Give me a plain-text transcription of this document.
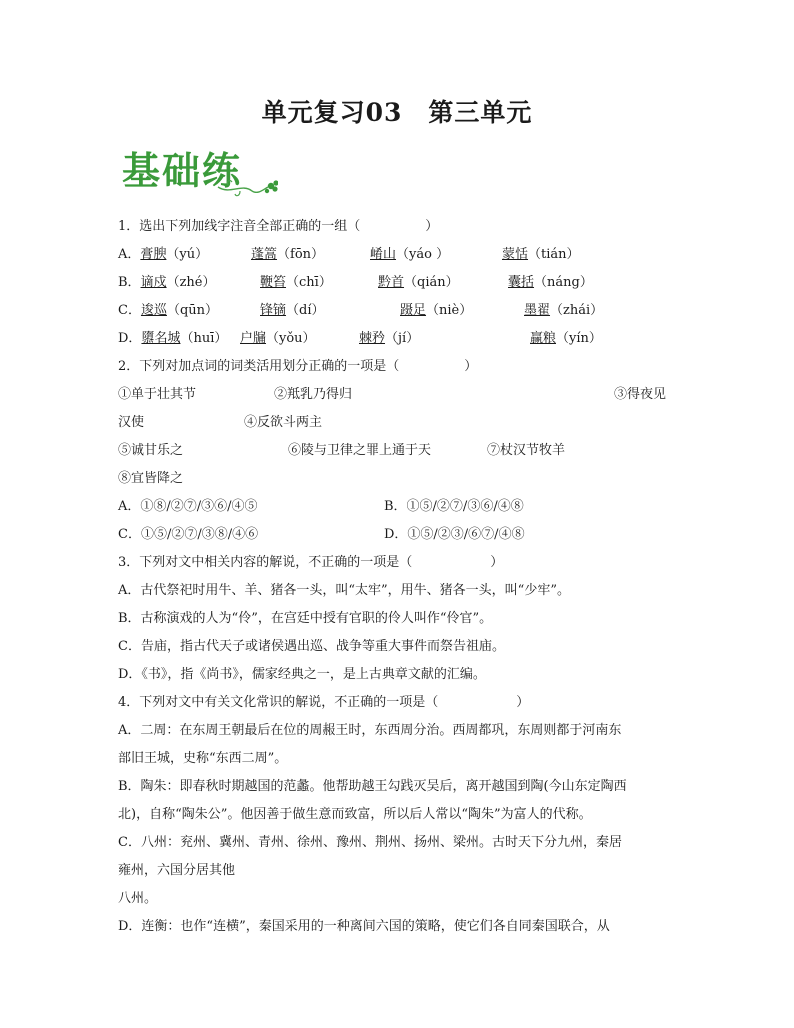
单元复习03　第三单元
基础练
1．选出下列加线字注音全部正确的一组（　　　　　）
A．膏腴（yú）	蓬篙（fōn）	崤山（yáo ）	蒙恬（tián）
B．谪戍（zhé）	鞭笞（chī）	黔首（qián）	囊括（náng）
C．逡巡（qūn）	锋镝（dí）	蹑足（niè）	墨翟（zhái）
D．隳名城（huī） 户牖（yǒu）	棘矜（jí）	赢粮（yín）
2．下列对加点词的词类活用划分正确的一项是（　　　　　）
①单于壮其节	②羝乳乃得归	③得夜见
汉使	④反欲斗两主
⑤诚甘乐之	⑥陵与卫律之罪上通于天	⑦杖汉节牧羊
⑧宜皆降之
A．①⑧/②⑦/③⑥/④⑤	B．①⑤/②⑦/③⑥/④⑧
C．①⑤/②⑦/③⑧/④⑥	D．①⑤/②③/⑥⑦/④⑧
3．下列对文中相关内容的解说，不正确的一项是（　　　　　　）
A．古代祭祀时用牛、羊、猪各一头，叫“太牢”，用牛、猪各一头，叫“少牢”。
B．古称演戏的人为“伶”，在宫廷中授有官职的伶人叫作“伶官”。
C．告庙，指古代天子或诸侯遇出巡、战争等重大事件而祭告祖庙。
D．《书》，指《尚书》，儒家经典之一，是上古典章文献的汇编。
4．下列对文中有关文化常识的解说，不正确的一项是（　　　　　　）
A．二周：在东周王朝最后在位的周赧王时，东西周分治。西周都巩，东周则都于河南东
部旧王城，史称“东西二周”。
B．陶朱：即春秋时期越国的范蠡。他帮助越王勾践灭吴后，离开越国到陶(今山东定陶西
北)，自称“陶朱公”。他因善于做生意而致富，所以后人常以“陶朱”为富人的代称。
C．八州：兖州、冀州、青州、徐州、豫州、荆州、扬州、梁州。古时天下分九州，秦居
雍州，六国分居其他
八州。
D．连衡：也作“连横”，秦国采用的一种离间六国的策略，使它们各自同秦国联合，从
